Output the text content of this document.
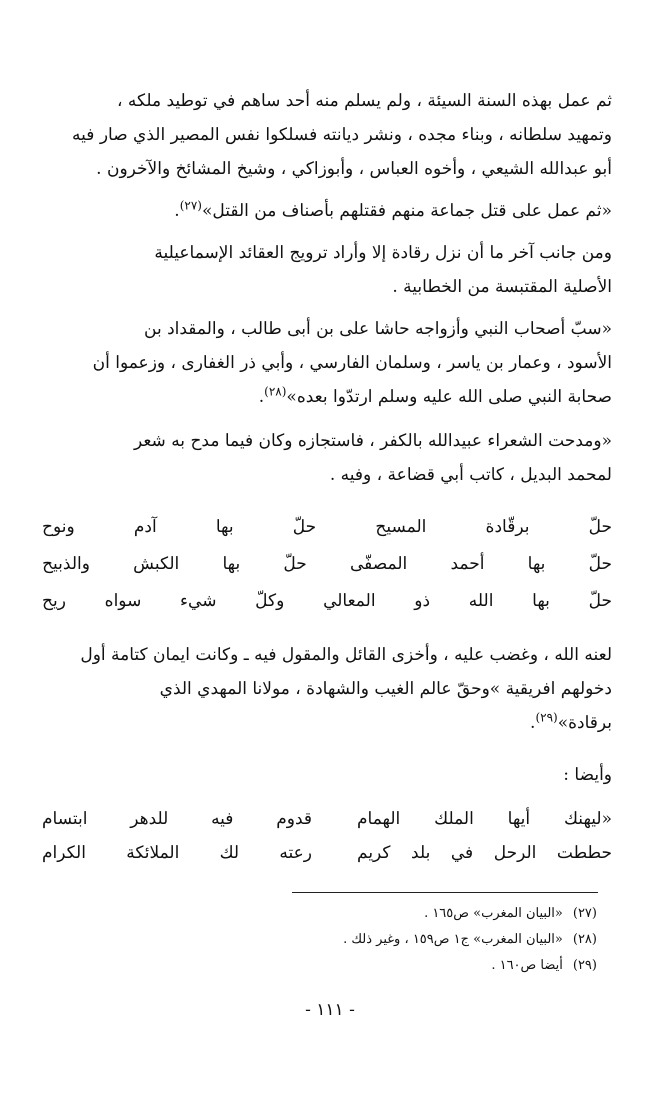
ثم عمل بهذه السنة السيئة ، ولم يسلم منه أحد ساهم في توطيد ملكه ،
وتمهيد سلطانه ، وبناء مجده ، ونشر ديانته فسلكوا نفس المصير الذي صار فيه
أبو عبدالله الشيعي ، وأخوه العباس ، وأبوزاكي ، وشيخ المشائخ والآخرون .
«ثم عمل على قتل جماعة منهم فقتلهم بأصناف من القتل»$^{(٢٧)}$.
ومن جانب آخر ما أن نزل رقادة إلا وأراد ترويج العقائد الإسماعيلية
الأصلية المقتبسة من الخطابية .
«سبّ أصحاب النبي وأزواجه حاشا على بن أبى طالب ، والمقداد بن
الأسود ، وعمار بن ياسر ، وسلمان الفارسي ، وأبي ذر الغفارى ، وزعموا أن
صحابة النبي صلى الله عليه وسلم ارتدّوا بعده»$^{(٢٨)}$.
«ومدحت الشعراء عبيدالله بالكفر ، فاستجازه وكان فيما مدح به شعر
لمحمد البديل ، كاتب أبي قضاعة ، وفيه .
حلّ
برقّادة
المسيح
حلّ
بها
آدم
ونوح
حلّ
بها
أحمد
المصفّى
حلّ
بها
الكبش
والذبيح
حلّ
بها
الله
ذو
المعالي
وكلّ
شيء
سواه
ريح
لعنه الله ، وغضب عليه ، وأخزى القائل والمقول فيه ـ وكانت ايمان كتامة أول
دخولهم افريقية »وحقّ عالم الغيب والشهادة ، مولانا المهدي الذي
برقادة»$^{(٢٩)}$.
وأيضا :
«ليهنك أيها الملك الهمام
قدوم فيه للدهر ابتسام
حططت الرحل في بلد كريم
رعته لك الملائكة الكرام
(٢٧)«البيان المغرب» ص١٦٥ .
(٢٨)«البيان المغرب» ج١ ص١٥٩ ، وغير ذلك .
(٢٩)أيضا ص١٦٠ .
- ١١١ -
